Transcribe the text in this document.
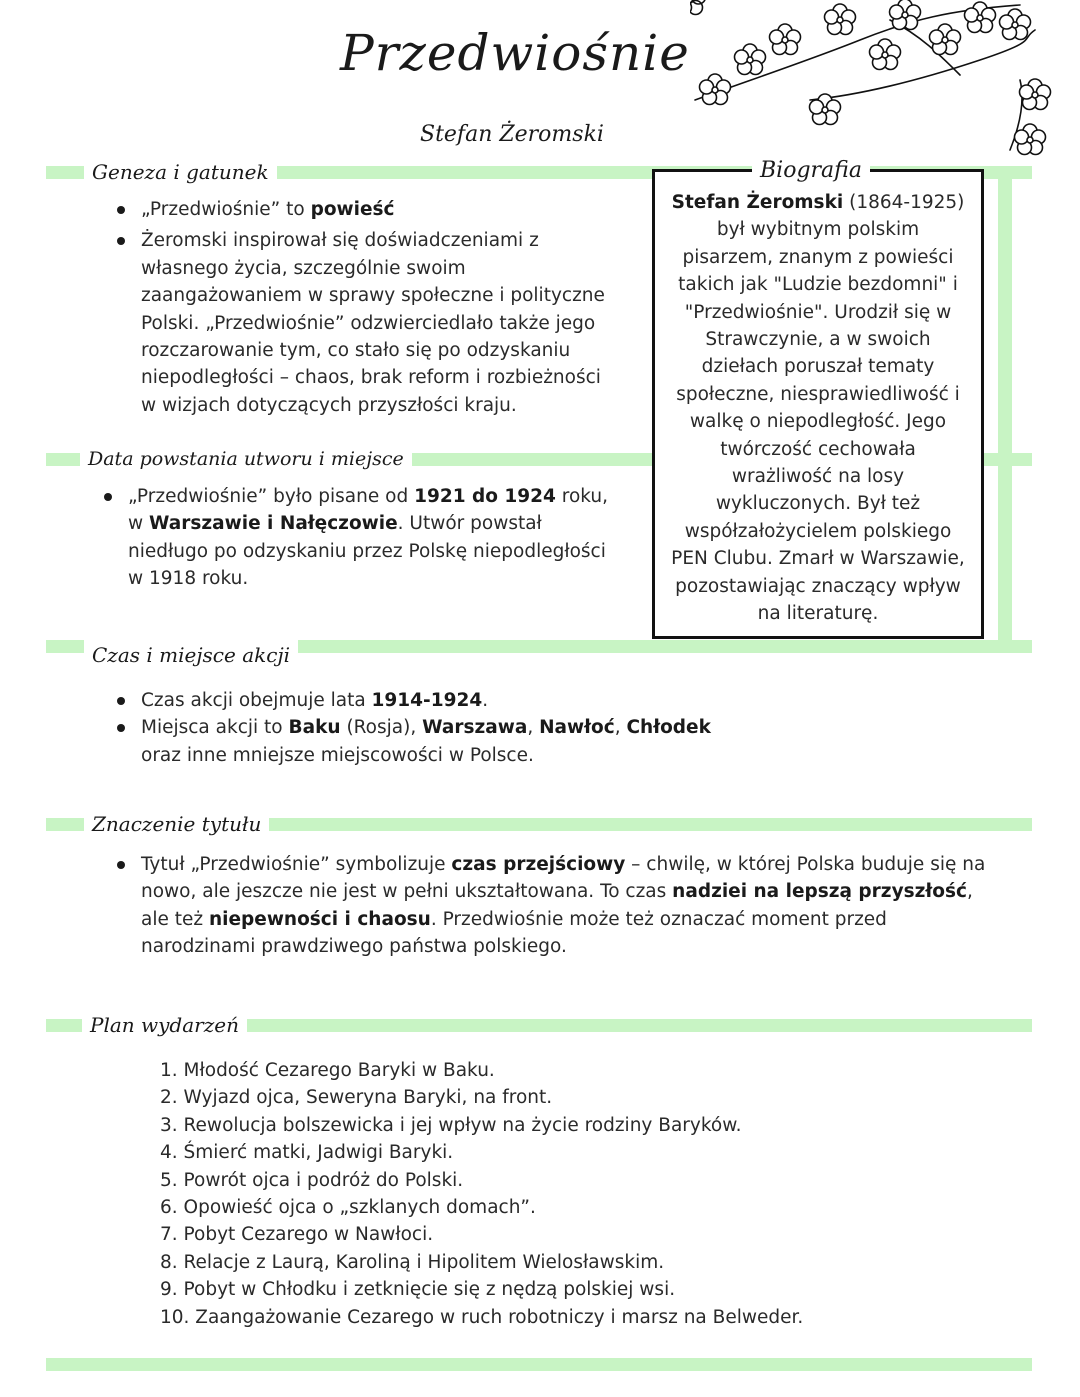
Przedwiośnie
Stefan Żeromski
Geneza i gatunek
Data powstania utworu i miejsce
Czas i miejsce akcji
Znaczenie tytułu
Plan wydarzeń
„Przedwiośnie” to powieść
Żeromski inspirował się doświadczeniami z własnego życia, szczególnie swoim zaangażowaniem w sprawy społeczne i polityczne Polski. „Przedwiośnie” odzwierciedlało także jego rozczarowanie tym, co stało się po odzyskaniu niepodległości – chaos, brak reform i rozbieżności w wizjach dotyczących przyszłości kraju.
„Przedwiośnie” było pisane od 1921 do 1924 roku, w Warszawie i Nałęczowie. Utwór powstał niedługo po odzyskaniu przez Polskę niepodległości w 1918 roku.
Stefan Żeromski (1864-1925) był wybitnym polskim pisarzem, znanym z powieści takich jak "Ludzie bezdomni" i "Przedwiośnie". Urodził się w Strawczynie, a w swoich dziełach poruszał tematy społeczne, niesprawiedliwość i walkę o niepodległość. Jego twórczość cechowała wrażliwość na losy wykluczonych. Był też współzałożycielem polskiego PEN Clubu. Zmarł w Warszawie, pozostawiając znaczący wpływ na literaturę.
Biografia
Czas akcji obejmuje lata 1914-1924.
Miejsca akcji to Baku (Rosja), Warszawa, Nawłoć, Chłodek oraz inne mniejsze miejscowości w Polsce.
Tytuł „Przedwiośnie” symbolizuje czas przejściowy – chwilę, w której Polska buduje się na nowo, ale jeszcze nie jest w pełni ukształtowana. To czas nadziei na lepszą przyszłość, ale też niepewności i chaosu. Przedwiośnie może też oznaczać moment przed narodzinami prawdziwego państwa polskiego.
1. Młodość Cezarego Baryki w Baku.
2. Wyjazd ojca, Seweryna Baryki, na front.
3. Rewolucja bolszewicka i jej wpływ na życie rodziny Baryków.
4. Śmierć matki, Jadwigi Baryki.
5. Powrót ojca i podróż do Polski.
6. Opowieść ojca o „szklanych domach”.
7. Pobyt Cezarego w Nawłoci.
8. Relacje z Laurą, Karoliną i Hipolitem Wielosławskim.
9. Pobyt w Chłodku i zetknięcie się z nędzą polskiej wsi.
10. Zaangażowanie Cezarego w ruch robotniczy i marsz na Belweder.
